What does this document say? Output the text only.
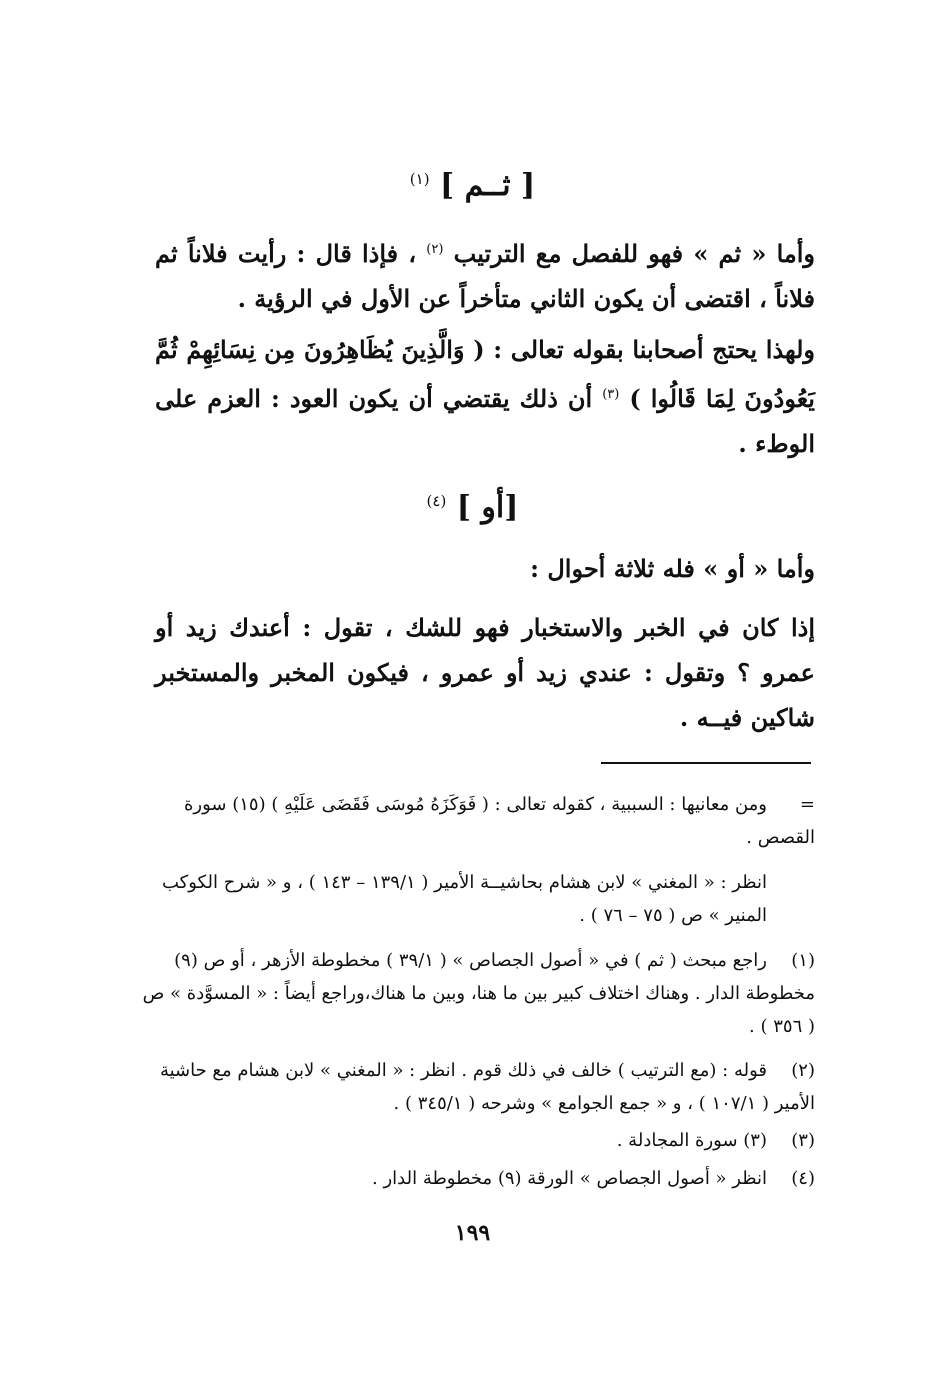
[ ثــم ] $^{(١)}$
وأما « ثم » فهو للفصل مع الترتيب $^{(٢)}$ ، فإذا قال : رأيت فلاناً ثم فلاناً ، اقتضى أن يكون الثاني متأخراً عن الأول في الرؤية .
ولهذا يحتج أصحابنا بقوله تعالى : ( وَالَّذِينَ يُظَاهِرُونَ مِن نِسَائِهِمْ ثُمَّ يَعُودُونَ لِمَا قَالُوا ) $^{(٣)}$ أن ذلك يقتضي أن يكون العود : العزم على الوطء .
[أو ] $^{(٤)}$
وأما « أو » فله ثلاثة أحوال :
إذا كان في الخبر والاستخبار فهو للشك ، تقول : أعندك زيد أو عمرو ؟ وتقول : عندي زيد أو عمرو ، فيكون المخبر والمستخبر شاكين فيــه .
=ومن معانيها : السببية ، كقوله تعالى : ( فَوَكَزَهُ مُوسَى فَقَضَى عَلَيْهِ ) (١٥) سورة القصص .
انظر : « المغني » لابن هشام بحاشيــة الأمير ( ١٣٩/١ – ١٤٣ ) ، و « شرح الكوكب المنير » ص ( ٧٥ – ٧٦ ) .
(١)راجع مبحث ( ثم ) في « أصول الجصاص » ( ٣٩/١ ) مخطوطة الأزهر ، أو ص (٩) مخطوطة الدار . وهناك اختلاف كبير بين ما هنا، وبين ما هناك،وراجع أيضاً : « المسوَّدة » ص ( ٣٥٦ ) .
(٢)قوله : (مع الترتيب ) خالف في ذلك قوم . انظر : « المغني » لابن هشام مع حاشية الأمير ( ١٠٧/١ ) ، و « جمع الجوامع » وشرحه ( ٣٤٥/١ ) .
(٣)(٣) سورة المجادلة .
(٤)انظر « أصول الجصاص » الورقة (٩) مخطوطة الدار .
١٩٩
